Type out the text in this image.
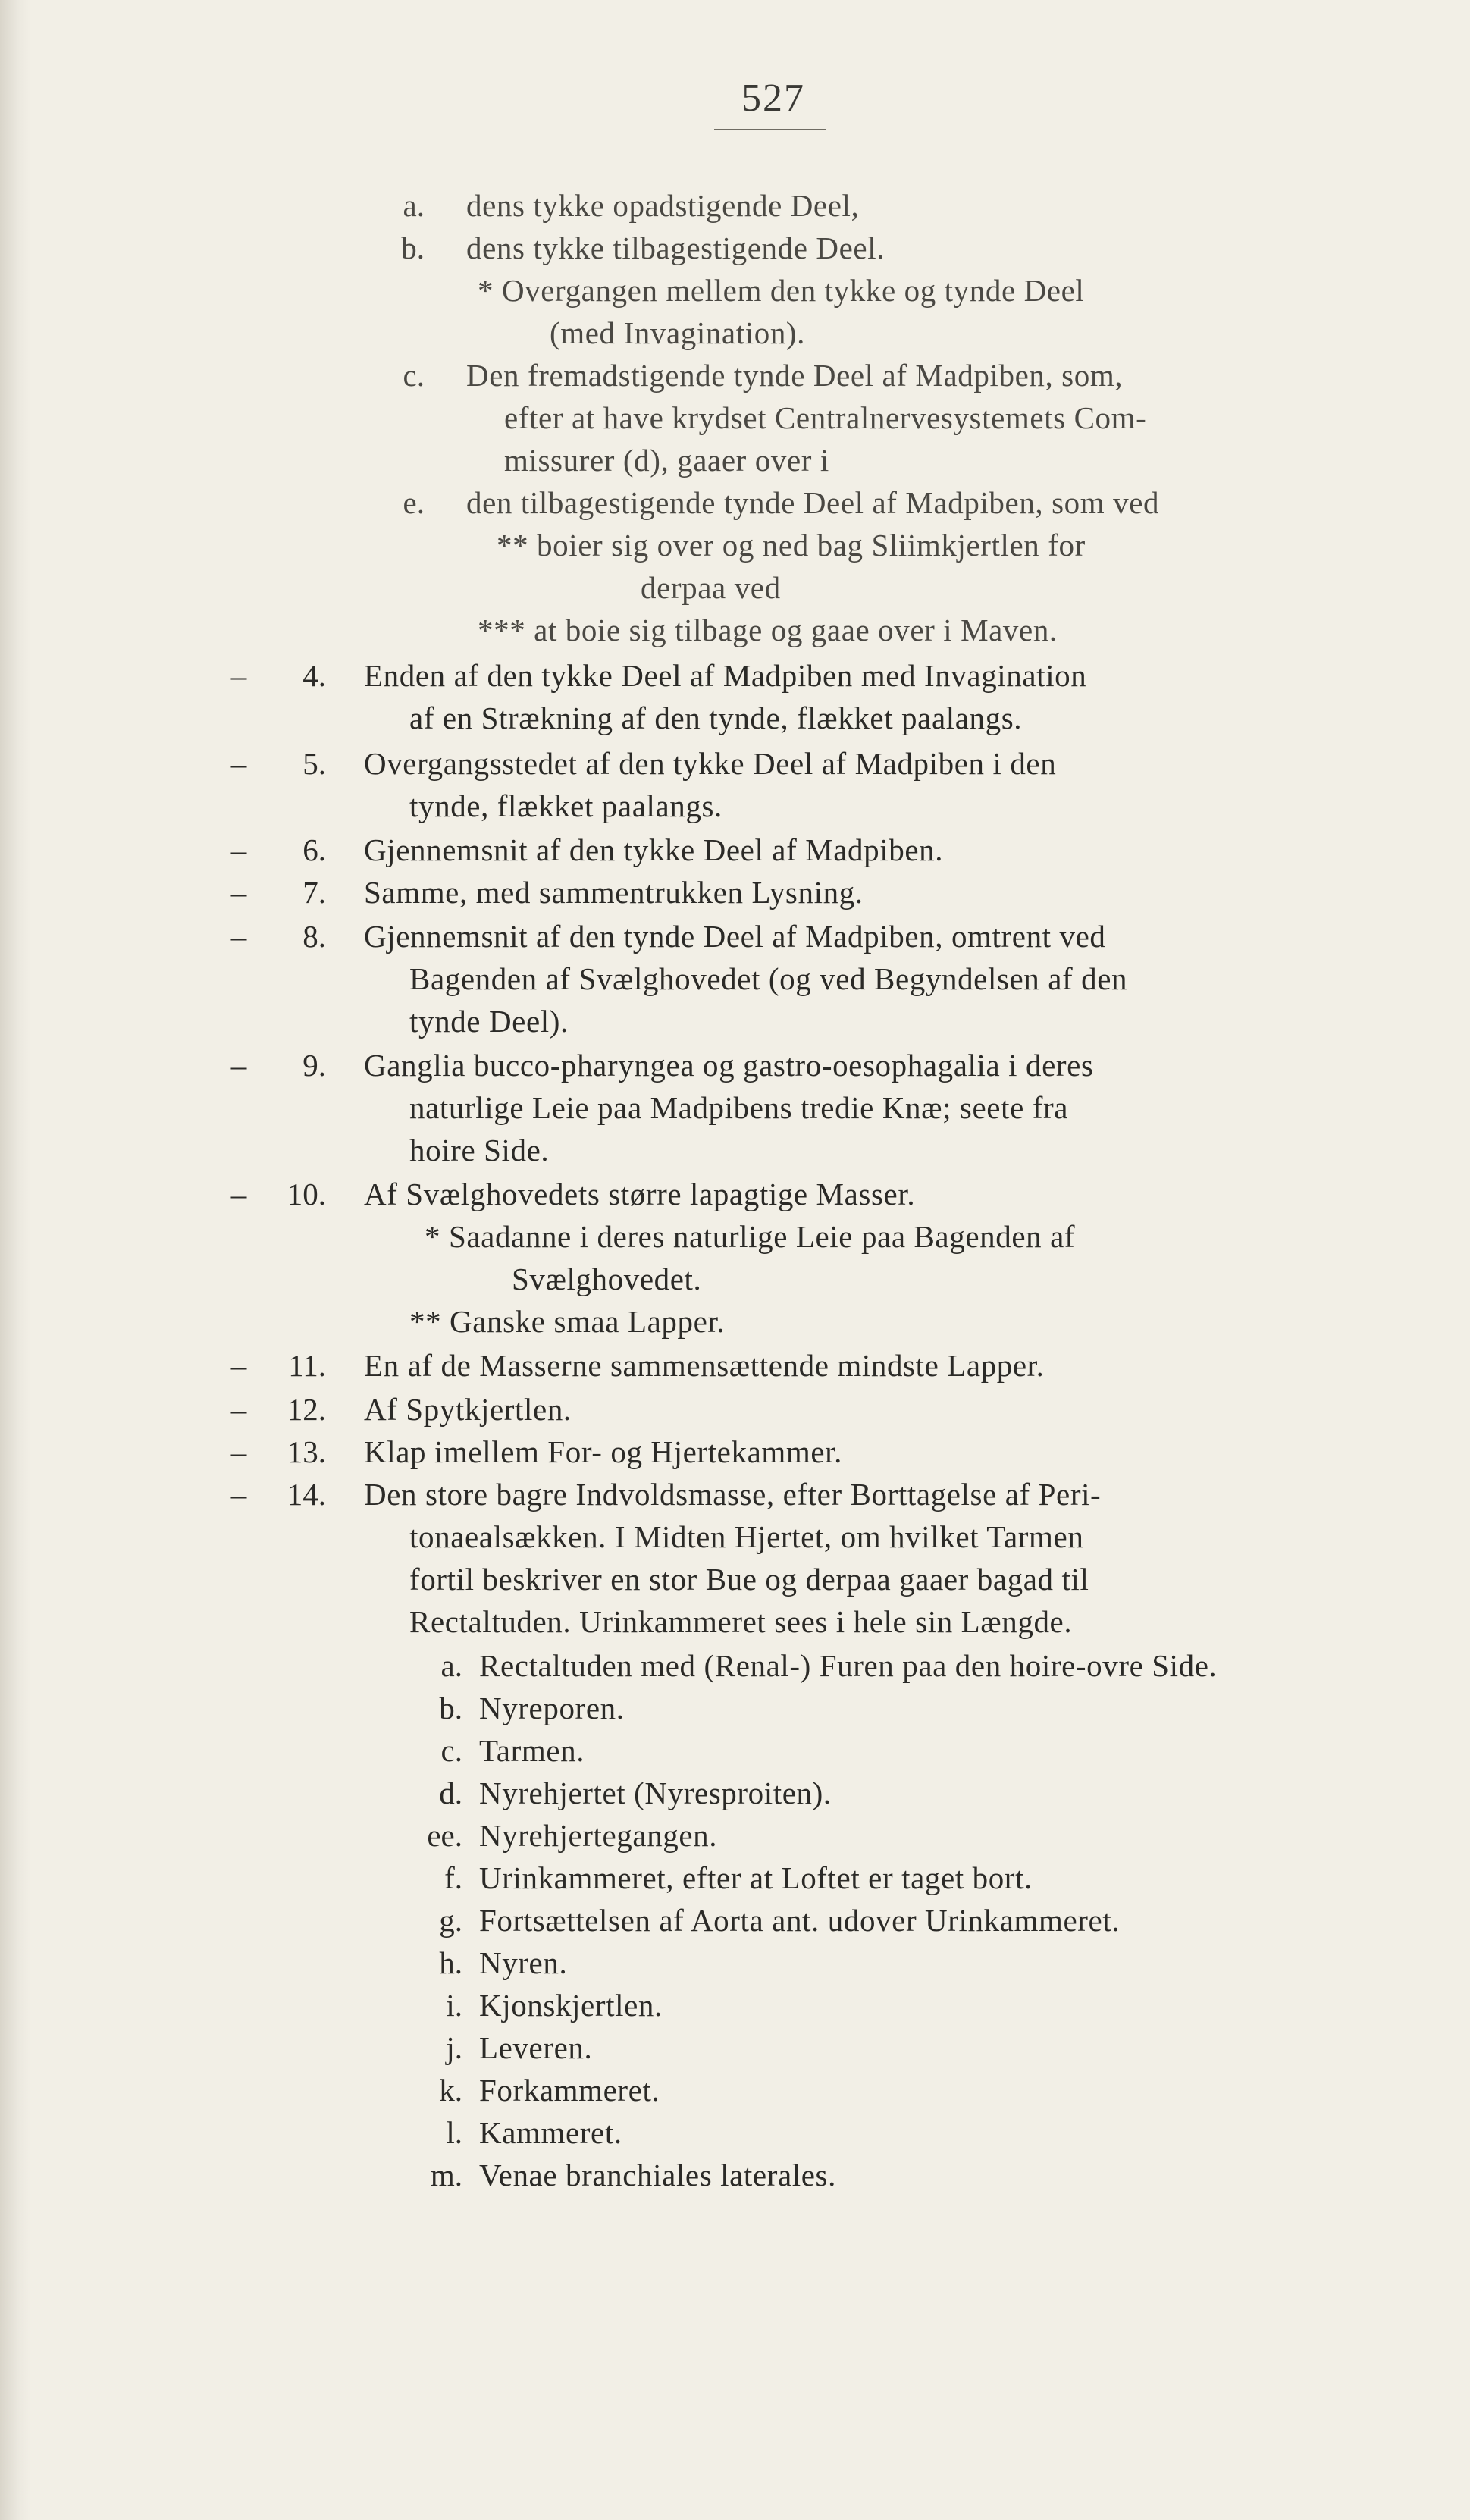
527
a. dens tykke opadstigende Deel,
b. dens tykke tilbagestigende Deel.
* Overgangen mellem den tykke og tynde Deel
(med Invagination).
c. Den fremadstigende tynde Deel af Madpiben, som,
efter at have krydset Centralnervesystemets Com-
missurer (d), gaaer over i
e. den tilbagestigende tynde Deel af Madpiben, som ved
** boier sig over og ned bag Sliimkjertlen for
derpaa ved
*** at boie sig tilbage og gaae over i Maven.
–	4. Enden af den tykke Deel af Madpiben med Invagination
af en Strækning af den tynde, flækket paalangs.
–	5. Overgangsstedet af den tykke Deel af Madpiben i den
tynde, flækket paalangs.
–	6. Gjennemsnit af den tykke Deel af Madpiben.
–	7. Samme, med sammentrukken Lysning.
–	8. Gjennemsnit af den tynde Deel af Madpiben, omtrent ved
Bagenden af Svælghovedet (og ved Begyndelsen af den
tynde Deel).
–	9. Ganglia bucco-pharyngea og gastro-oesophagalia i deres
naturlige Leie paa Madpibens tredie Knæ; seete fra
hoire Side.
–	10. Af Svælghovedets større lapagtige Masser.
* Saadanne i deres naturlige Leie paa Bagenden af
Svælghovedet.
** Ganske smaa Lapper.
–	11. En af de Masserne sammensættende mindste Lapper.
–	12. Af Spytkjertlen.
–	13. Klap imellem For- og Hjertekammer.
–	14. Den store bagre Indvoldsmasse, efter Borttagelse af Peri-
tonaealsækken. I Midten Hjertet, om hvilket Tarmen
fortil beskriver en stor Bue og derpaa gaaer bagad til
Rectaltuden. Urinkammeret sees i hele sin Længde.
a. Rectaltuden med (Renal-) Furen paa den hoire-ovre Side.
b. Nyreporen.
c. Tarmen.
d. Nyrehjertet (Nyresproiten).
ee. Nyrehjertegangen.
f. Urinkammeret, efter at Loftet er taget bort.
g. Fortsættelsen af Aorta ant. udover Urinkammeret.
h. Nyren.
i. Kjonskjertlen.
j. Leveren.
k. Forkammeret.
l. Kammeret.
m. Venae branchiales laterales.
